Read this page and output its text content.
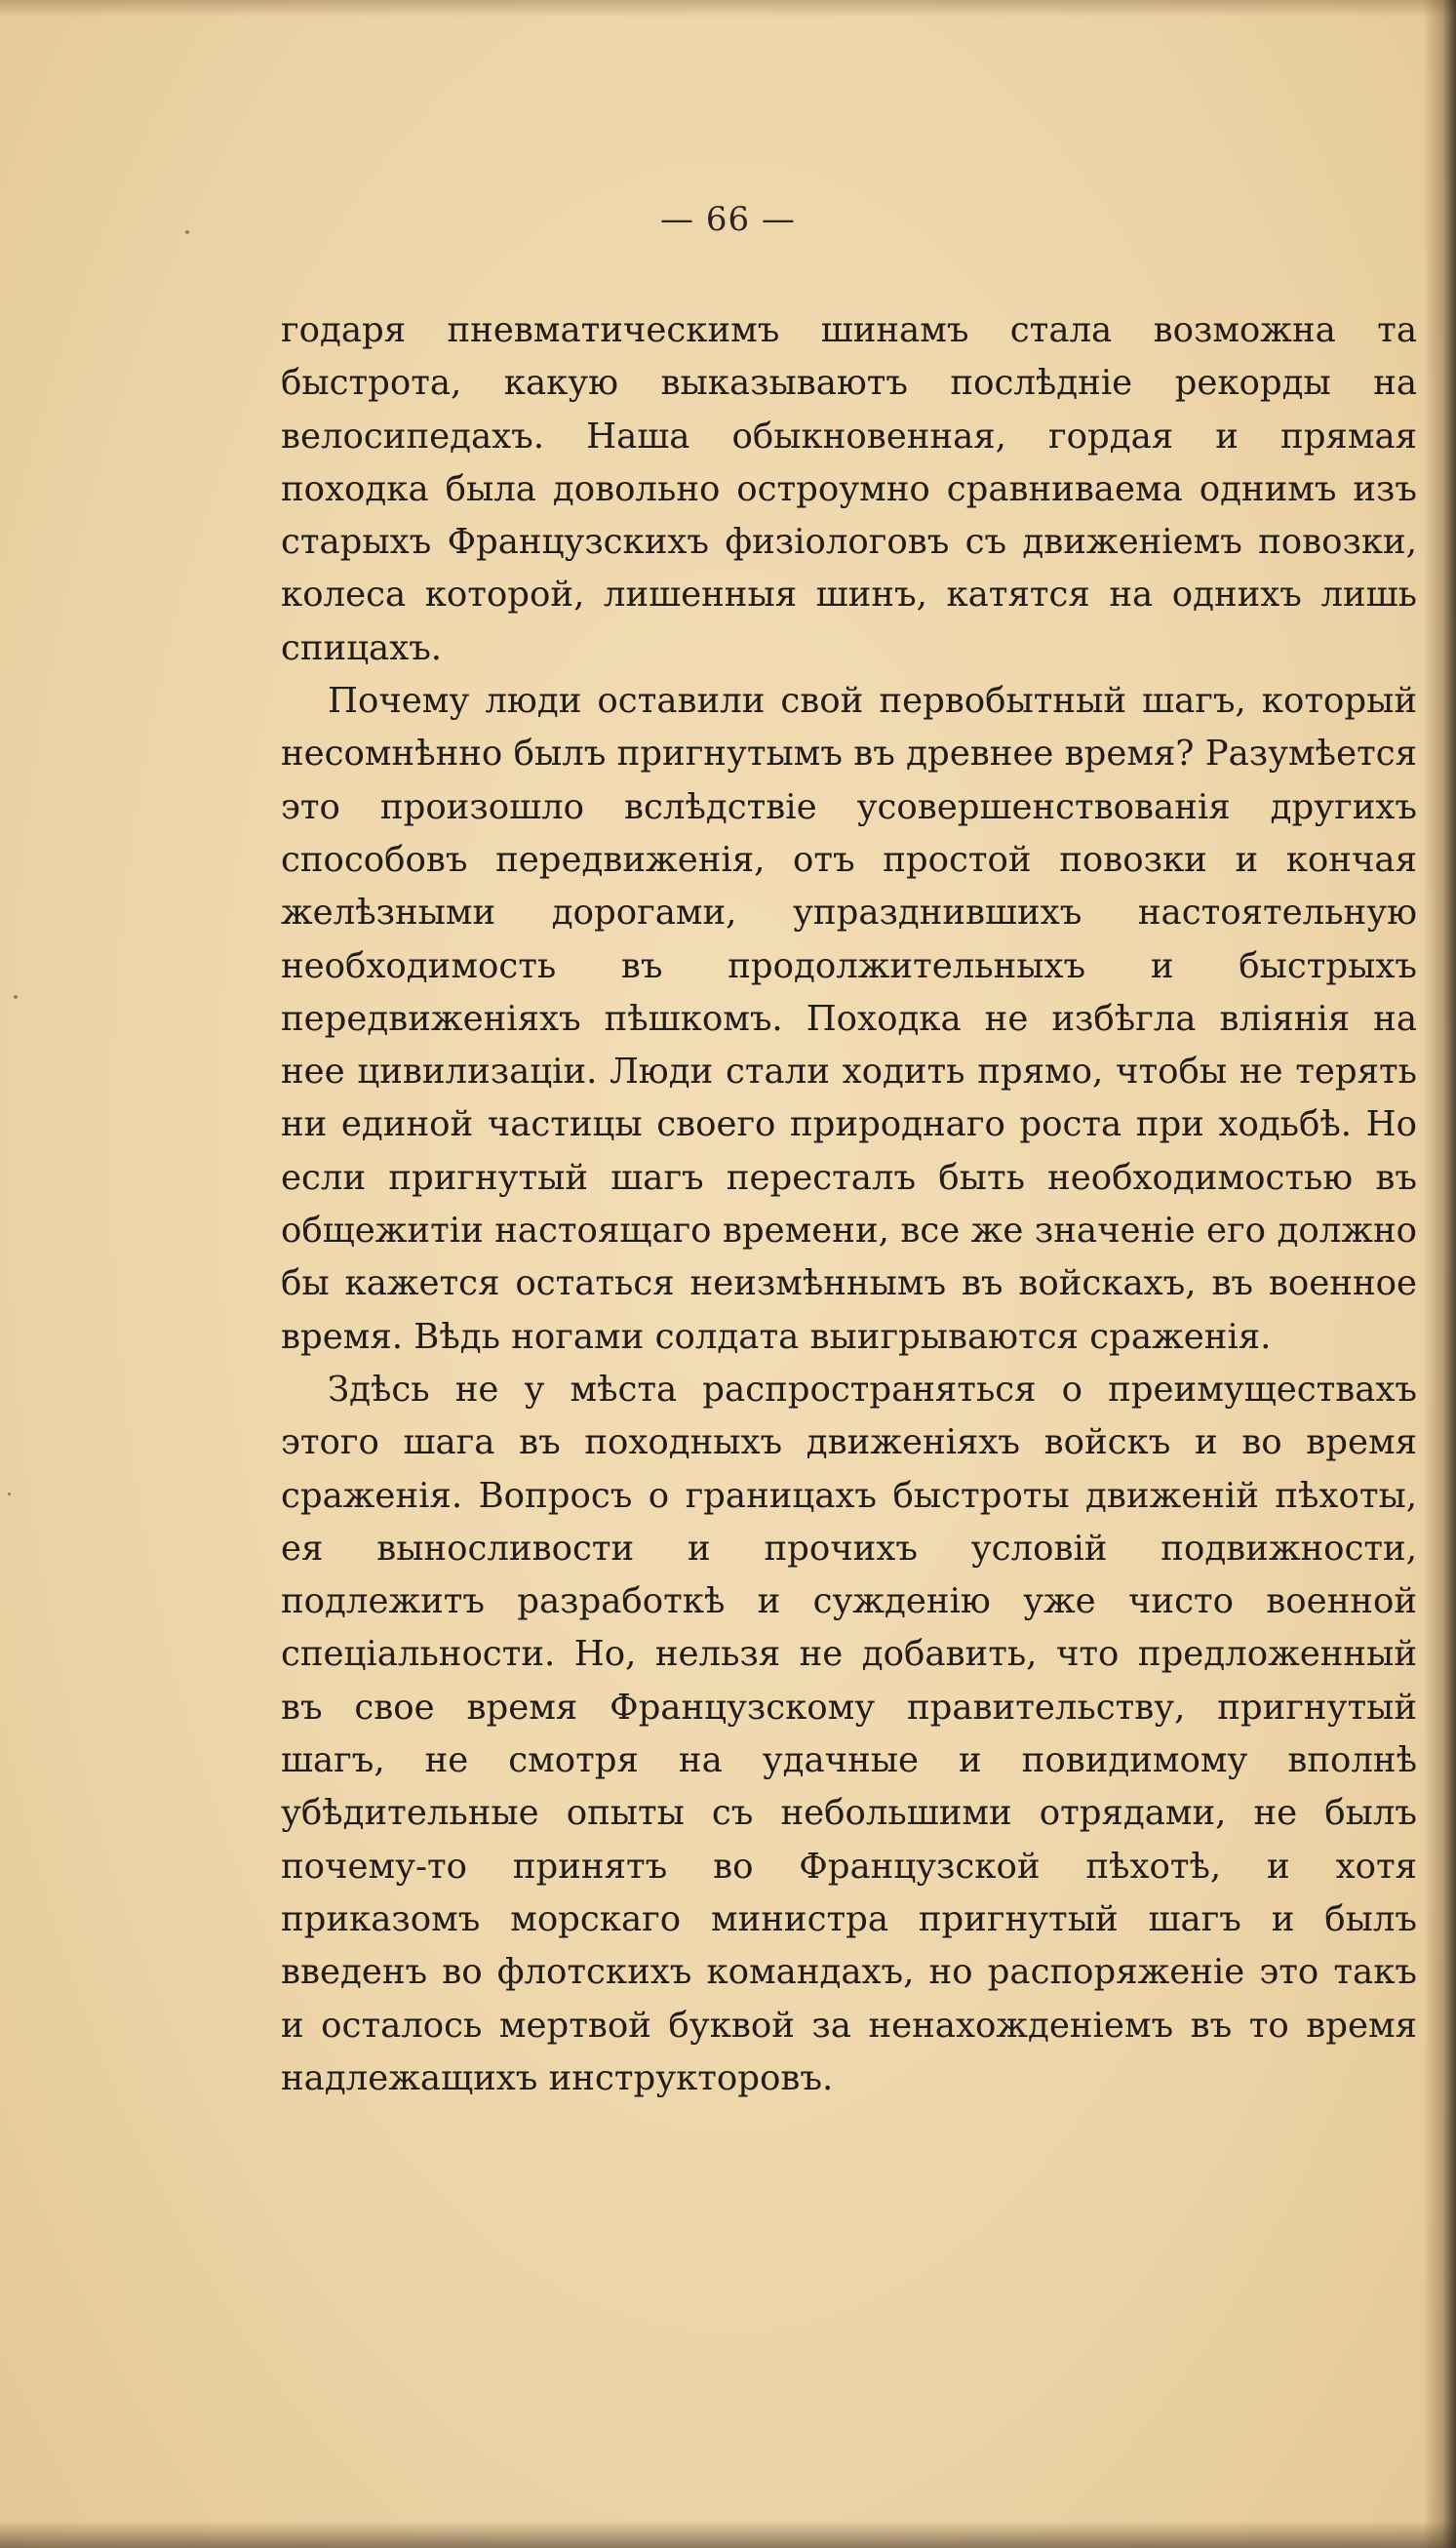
— 66 —

годаря пневматическимъ шинамъ стала возможна та быстрота, какую выказываютъ послѣдніе рекорды на велосипедахъ. Наша обыкновенная, гордая и прямая походка была довольно остроумно сравниваема однимъ изъ старыхъ Французскихъ физіологовъ съ движеніемъ повозки, колеса которой, лишенныя шинъ, катятся на однихъ лишь спицахъ.

Почему люди оставили свой первобытный шагъ, который несомнѣнно былъ пригнутымъ въ древнее время? Разумѣется это произошло вслѣдствіе усовершенствованія другихъ способовъ передвиженія, отъ простой повозки и кончая желѣзными дорогами, упразднившихъ настоятельную необходимость въ продолжительныхъ и быстрыхъ передвиженіяхъ пѣшкомъ. Походка не избѣгла вліянія на нее цивилизаціи. Люди стали ходить прямо, чтобы не терять ни единой частицы своего природнаго роста при ходьбѣ. Но если пригнутый шагъ пересталъ быть необходимостью въ общежитіи настоящаго времени, все же значеніе его должно бы кажется остаться неизмѣннымъ въ войскахъ, въ военное время. Вѣдь ногами солдата выигрываются сраженія.

Здѣсь не у мѣста распространяться о преимуществахъ этого шага въ походныхъ движеніяхъ войскъ и во время сраженія. Вопросъ о границахъ быстроты движеній пѣхоты, ея выносливости и прочихъ условій подвижности, подлежитъ разработкѣ и сужденію уже чисто военной спеціальности. Но, нельзя не добавить, что предложенный въ свое время Французскому правительству, пригнутый шагъ, не смотря на удачные и повидимому вполнѣ убѣдительные опыты съ небольшими отрядами, не былъ почему-то принятъ во Французской пѣхотѣ, и хотя приказомъ морскаго министра пригнутый шагъ и былъ введенъ во флотскихъ командахъ, но распоряженіе это такъ и осталось мертвой буквой за ненахожденіемъ въ то время надлежащихъ инструкторовъ.
